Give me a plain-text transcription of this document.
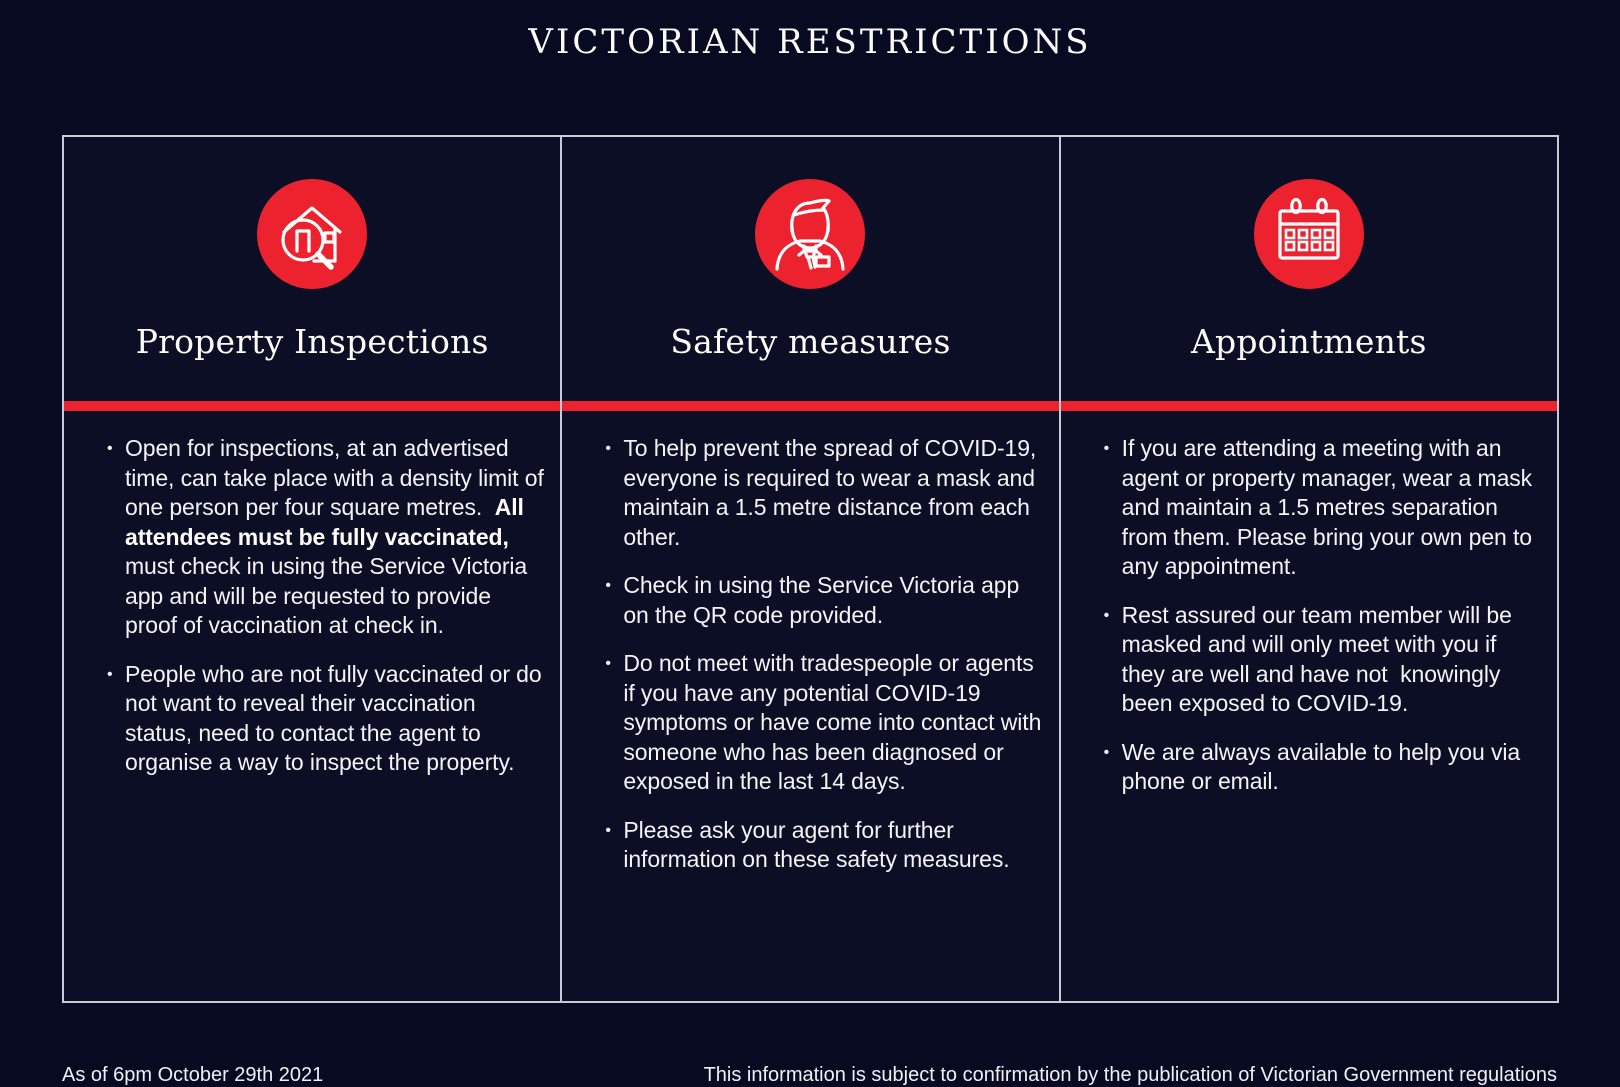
VICTORIAN RESTRICTIONS
Property Inspections
• Open for inspections, at an advertised time, can take place with a density limit of one person per four square metres.  All attendees must be fully vaccinated, must check in using the Service Victoria app and will be requested to provide proof of vaccination at check in.
• People who are not fully vaccinated or do not want to reveal their vaccination status, need to contact the agent to organise a way to inspect the property.
Safety measures
• To help prevent the spread of COVID-19, everyone is required to wear a mask and maintain a 1.5 metre distance from each other.
• Check in using the Service Victoria app on the QR code provided.
• Do not meet with tradespeople or agents if you have any potential COVID-19 symptoms or have come into contact with someone who has been diagnosed or exposed in the last 14 days.
• Please ask your agent for further information on these safety measures.
Appointments
• If you are attending a meeting with an agent or property manager, wear a mask and maintain a 1.5 metres separation from them. Please bring your own pen to any appointment.
• Rest assured our team member will be masked and will only meet with you if they are well and have not  knowingly been exposed to COVID-19.
• We are always available to help you via phone or email.
As of 6pm October 29th 2021	This information is subject to confirmation by the publication of Victorian Government regulations
